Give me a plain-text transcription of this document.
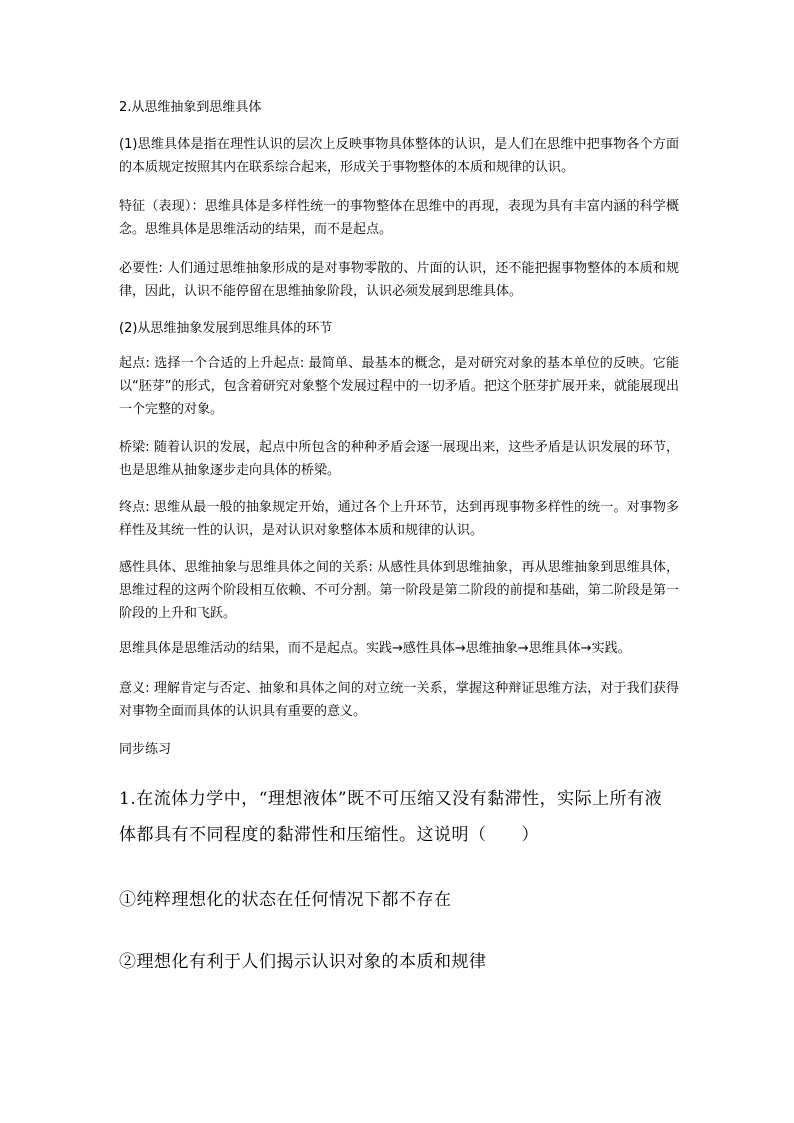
2.从思维抽象到思维具体

(1)思维具体是指在理性认识的层次上反映事物具体整体的认识，是人们在思维中把事物各个方面的本质规定按照其内在联系综合起来，形成关于事物整体的本质和规律的认识。

特征（表现）：思维具体是多样性统一的事物整体在思维中的再现，表现为具有丰富内涵的科学概念。思维具体是思维活动的结果，而不是起点。

必要性: 人们通过思维抽象形成的是对事物零散的、片面的认识，还不能把握事物整体的本质和规律，因此，认识不能停留在思维抽象阶段，认识必须发展到思维具体。

(2)从思维抽象发展到思维具体的环节

起点: 选择一个合适的上升起点: 最简单、最基本的概念，是对研究对象的基本单位的反映。它能以“胚芽”的形式，包含着研究对象整个发展过程中的一切矛盾。把这个胚芽扩展开来，就能展现出一个完整的对象。

桥梁: 随着认识的发展，起点中所包含的种种矛盾会逐一展现出来，这些矛盾是认识发展的环节，也是思维从抽象逐步走向具体的桥梁。

终点: 思维从最一般的抽象规定开始，通过各个上升环节，达到再现事物多样性的统一。对事物多样性及其统一性的认识，是对认识对象整体本质和规律的认识。

感性具体、思维抽象与思维具体之间的关系: 从感性具体到思维抽象，再从思维抽象到思维具体，思维过程的这两个阶段相互依赖、不可分割。第一阶段是第二阶段的前提和基础，第二阶段是第一阶段的上升和飞跃。

思维具体是思维活动的结果，而不是起点。实践→感性具体→思维抽象→思维具体→实践。

意义: 理解肯定与否定、抽象和具体之间的对立统一关系，掌握这种辩证思维方法，对于我们获得对事物全面而具体的认识具有重要的意义。

同步练习

1.在流体力学中，“理想液体”既不可压缩又没有黏滞性，实际上所有液体都具有不同程度的黏滞性和压缩性。这说明（　　）

①纯粹理想化的状态在任何情况下都不存在

②理想化有利于人们揭示认识对象的本质和规律
